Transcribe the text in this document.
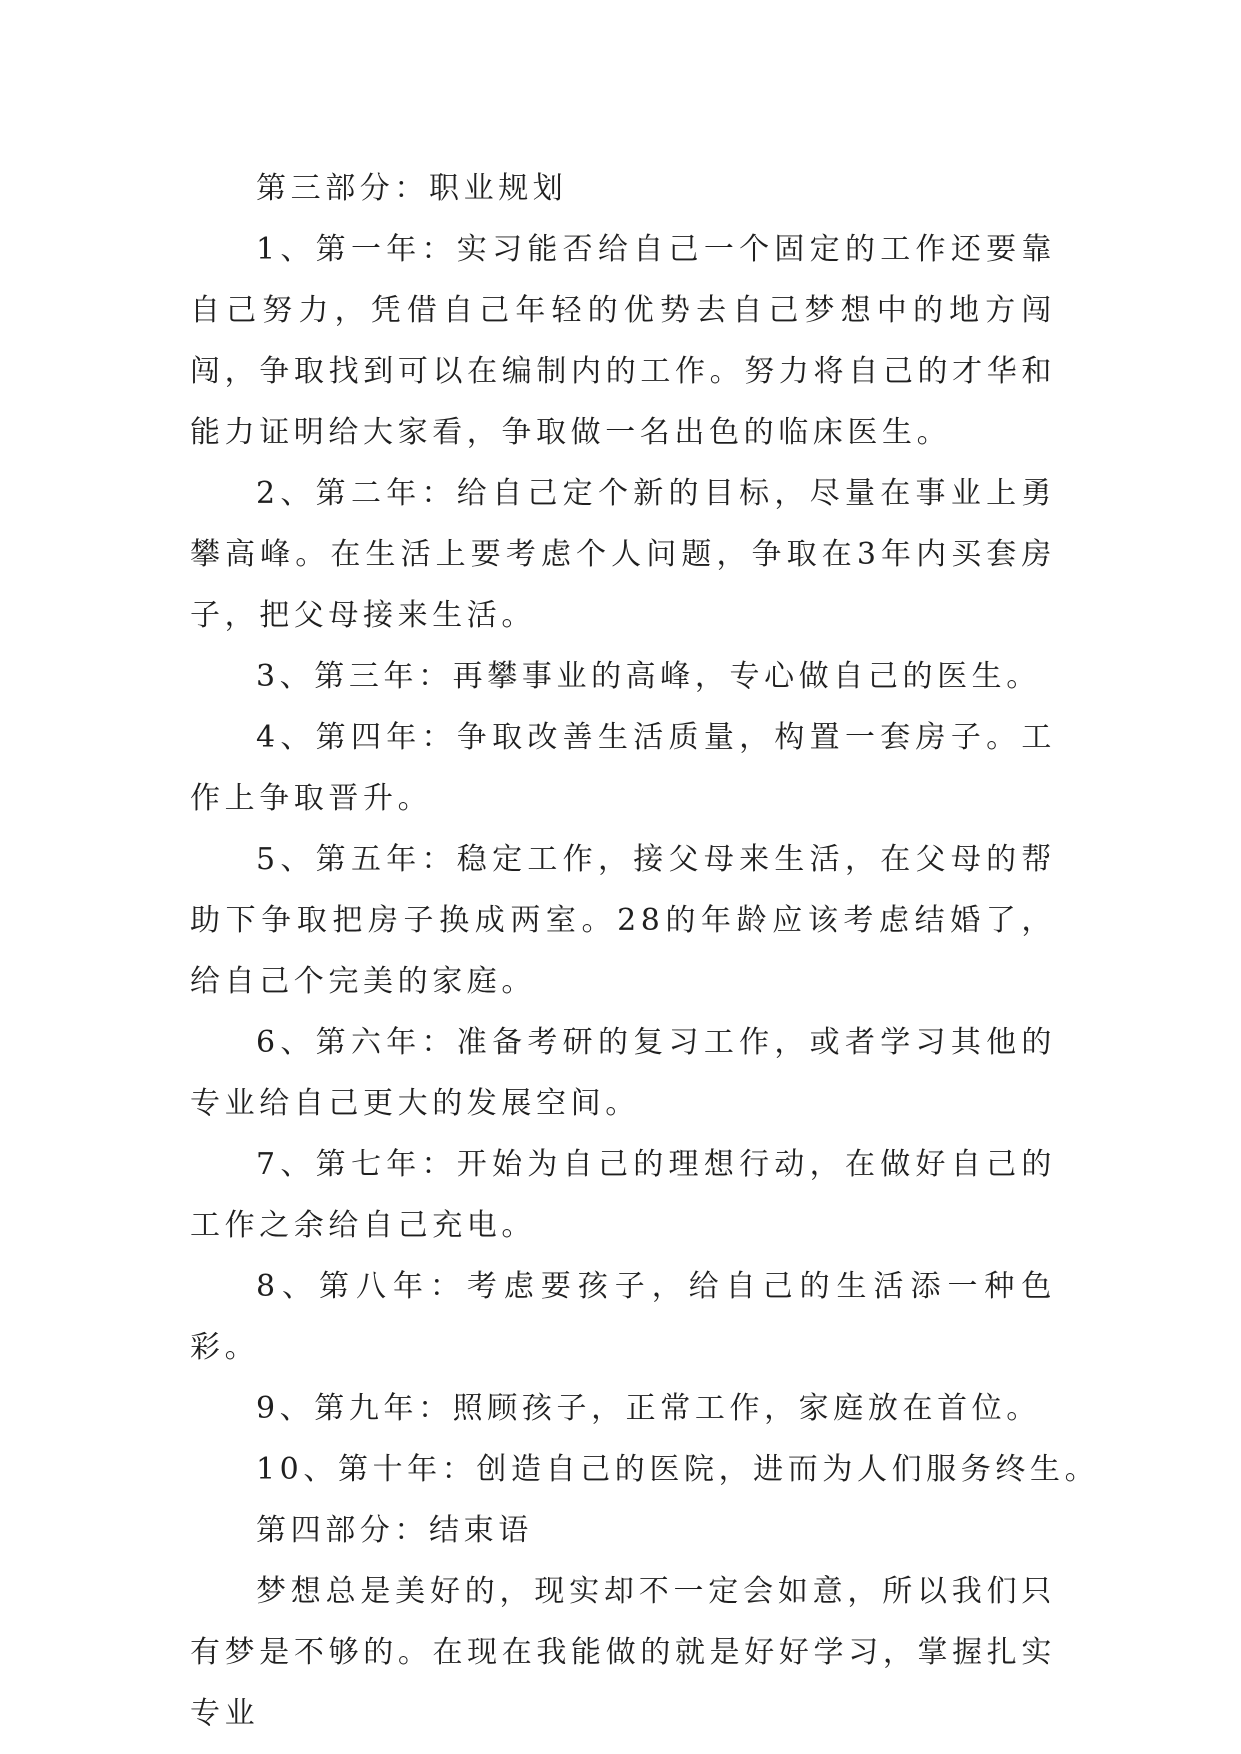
第三部分：职业规划

1、第一年：实习能否给自己一个固定的工作还要靠自己努力，凭借自己年轻的优势去自己梦想中的地方闯闯，争取找到可以在编制内的工作。努力将自己的才华和能力证明给大家看，争取做一名出色的临床医生。

2、第二年：给自己定个新的目标，尽量在事业上勇攀高峰。在生活上要考虑个人问题，争取在3年内买套房子，把父母接来生活。

3、第三年：再攀事业的高峰，专心做自己的医生。

4、第四年：争取改善生活质量，构置一套房子。工作上争取晋升。

5、第五年：稳定工作，接父母来生活，在父母的帮助下争取把房子换成两室。28的年龄应该考虑结婚了，给自己个完美的家庭。

6、第六年：准备考研的复习工作，或者学习其他的专业给自己更大的发展空间。

7、第七年：开始为自己的理想行动，在做好自己的工作之余给自己充电。

8、第八年：考虑要孩子，给自己的生活添一种色彩。

9、第九年：照顾孩子，正常工作，家庭放在首位。

10、第十年：创造自己的医院，进而为人们服务终生。

第四部分：结束语

梦想总是美好的，现实却不一定会如意，所以我们只有梦是不够的。在现在我能做的就是好好学习，掌握扎实专业
